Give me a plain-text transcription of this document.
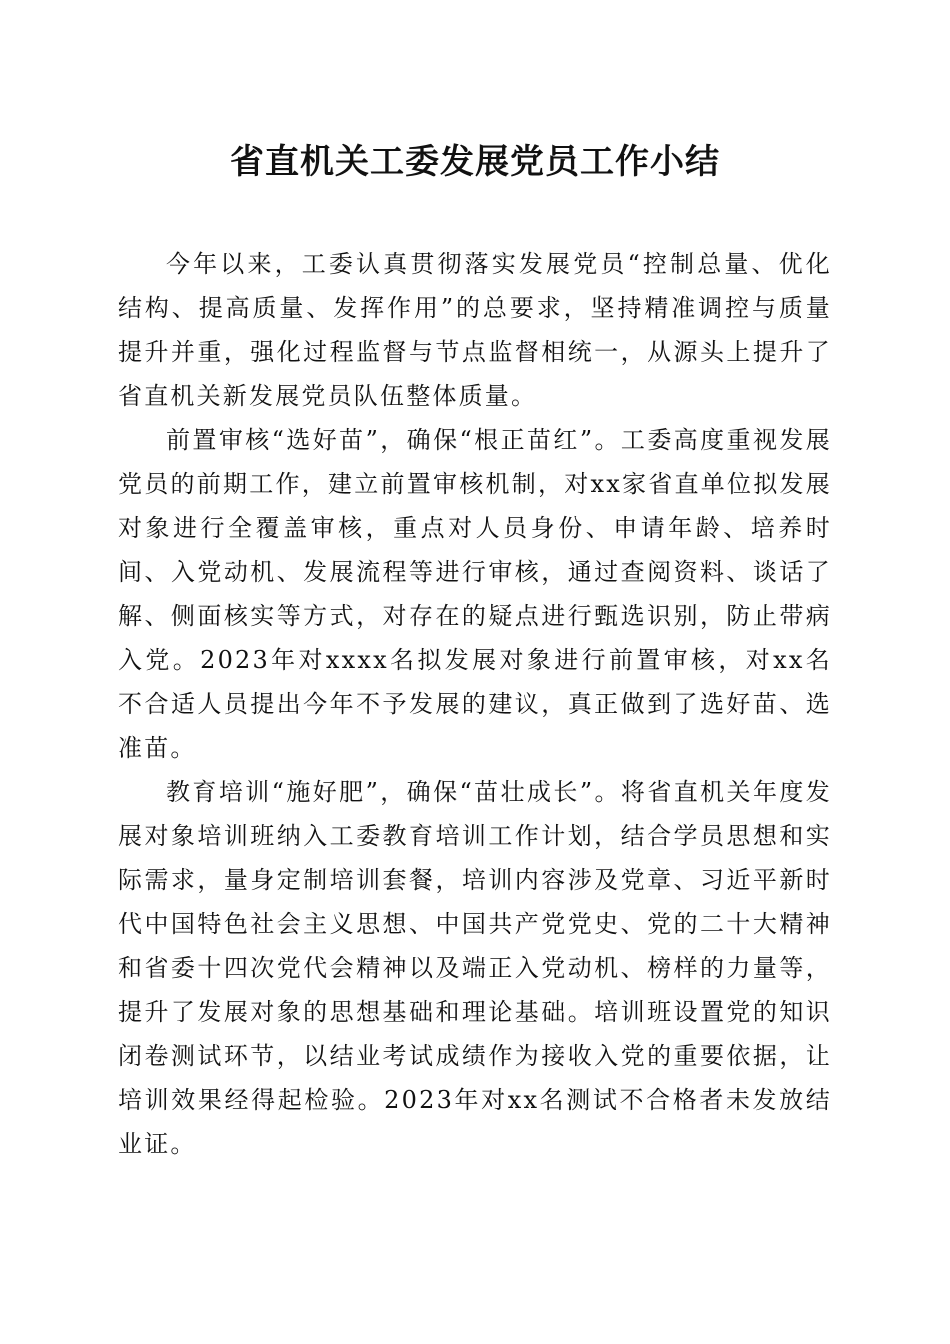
省直机关工委发展党员工作小结

今年以来，工委认真贯彻落实发展党员“控制总量、优化结构、提高质量、发挥作用”的总要求，坚持精准调控与质量提升并重，强化过程监督与节点监督相统一，从源头上提升了省直机关新发展党员队伍整体质量。

前置审核“选好苗”，确保“根正苗红”。工委高度重视发展党员的前期工作，建立前置审核机制，对xx家省直单位拟发展对象进行全覆盖审核，重点对人员身份、申请年龄、培养时间、入党动机、发展流程等进行审核，通过查阅资料、谈话了解、侧面核实等方式，对存在的疑点进行甄选识别，防止带病入党。2023年对xxxx名拟发展对象进行前置审核，对xx名不合适人员提出今年不予发展的建议，真正做到了选好苗、选准苗。

教育培训“施好肥”，确保“苗壮成长”。将省直机关年度发展对象培训班纳入工委教育培训工作计划，结合学员思想和实际需求，量身定制培训套餐，培训内容涉及党章、习近平新时代中国特色社会主义思想、中国共产党党史、党的二十大精神和省委十四次党代会精神以及端正入党动机、榜样的力量等，提升了发展对象的思想基础和理论基础。培训班设置党的知识闭卷测试环节，以结业考试成绩作为接收入党的重要依据，让培训效果经得起检验。2023年对xx名测试不合格者未发放结业证。
